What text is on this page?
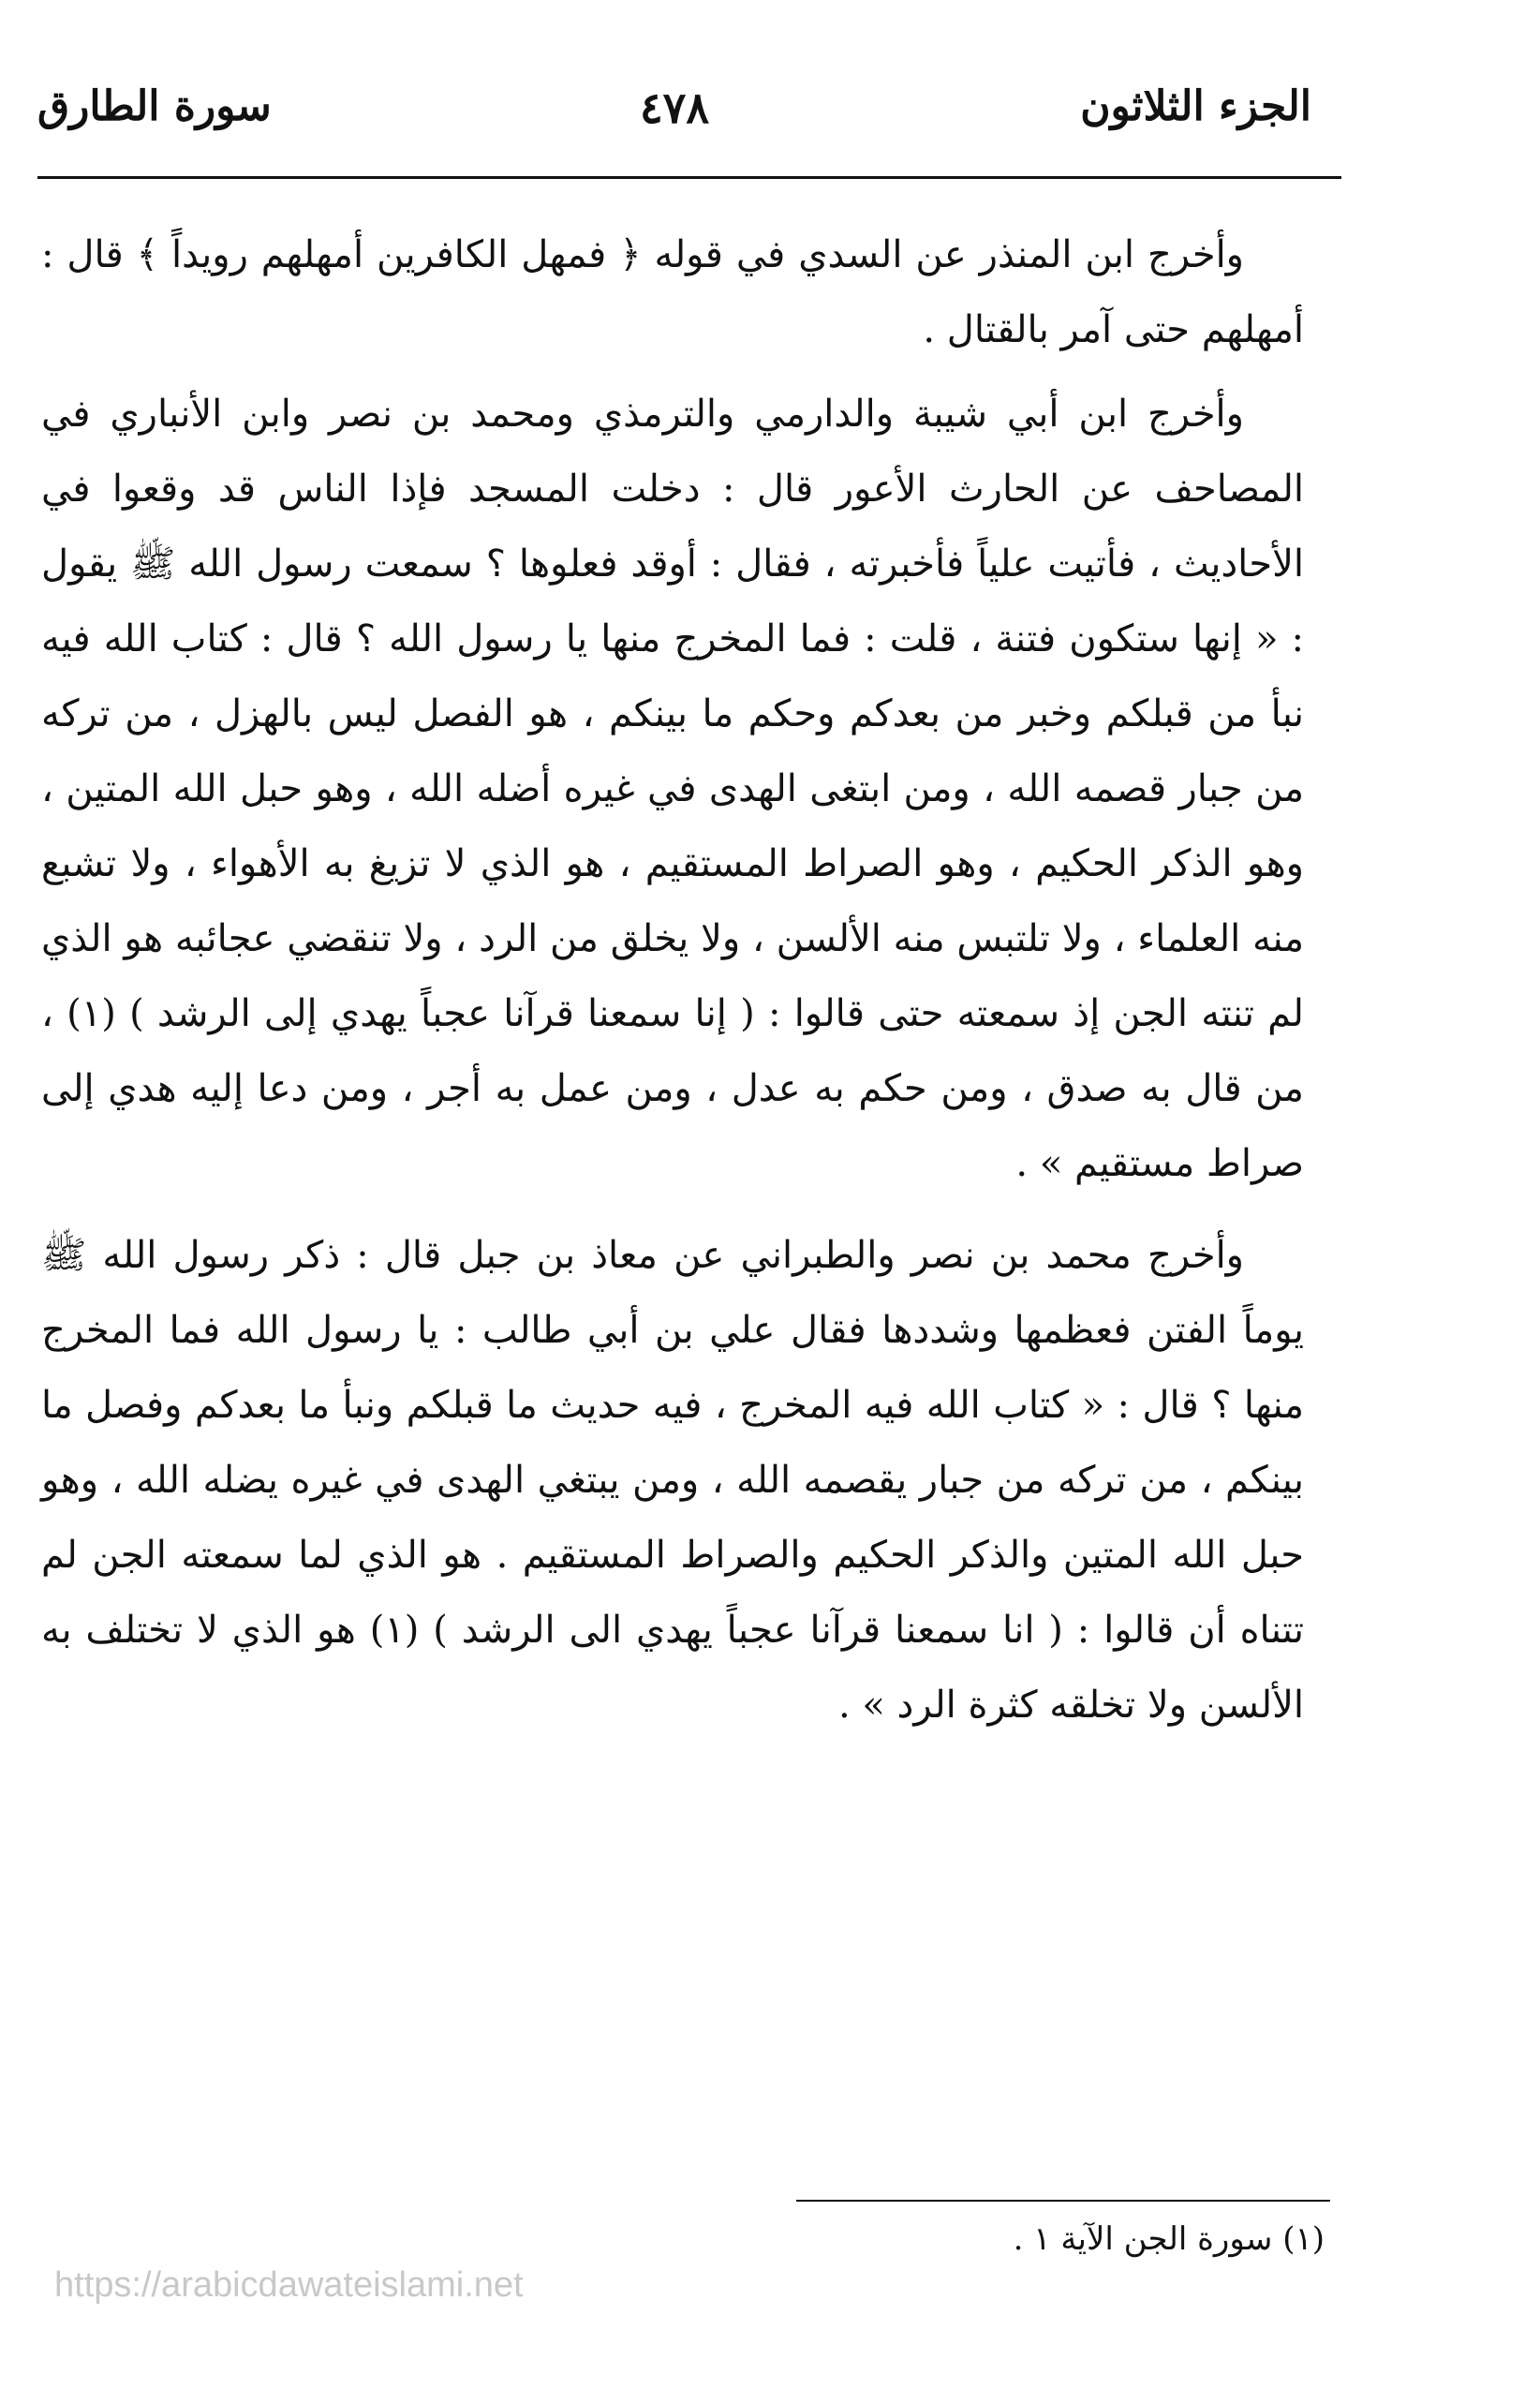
الجزء الثلاثون
٤٧٨
سورة الطارق

وأخرج ابن المنذر عن السدي في قوله ﴿ فمهل الكافرين أمهلهم رويداً ﴾ قال : أمهلهم حتى آمر بالقتال .

وأخرج ابن أبي شيبة والدارمي والترمذي ومحمد بن نصر وابن الأنباري في المصاحف عن الحارث الأعور قال : دخلت المسجد فإذا الناس قد وقعوا في الأحاديث ، فأتيت علياً فأخبرته ، فقال : أوقد فعلوها ؟ سمعت رسول الله ﷺ يقول : « إنها ستكون فتنة ، قلت : فما المخرج منها يا رسول الله ؟ قال : كتاب الله فيه نبأ من قبلكم وخبر من بعدكم وحكم ما بينكم ، هو الفصل ليس بالهزل ، من تركه من جبار قصمه الله ، ومن ابتغى الهدى في غيره أضله الله ، وهو حبل الله المتين ، وهو الذكر الحكيم ، وهو الصراط المستقيم ، هو الذي لا تزيغ به الأهواء ، ولا تشبع منه العلماء ، ولا تلتبس منه الألسن ، ولا يخلق من الرد ، ولا تنقضي عجائبه هو الذي لم تنته الجن إذ سمعته حتى قالوا : ( إنا سمعنا قرآنا عجباً يهدي إلى الرشد ) (١) ، من قال به صدق ، ومن حكم به عدل ، ومن عمل به أجر ، ومن دعا إليه هدي إلى صراط مستقيم » .

وأخرج محمد بن نصر والطبراني عن معاذ بن جبل قال : ذكر رسول الله ﷺ يوماً الفتن فعظمها وشددها فقال علي بن أبي طالب : يا رسول الله فما المخرج منها ؟ قال : « كتاب الله فيه المخرج ، فيه حديث ما قبلكم ونبأ ما بعدكم وفصل ما بينكم ، من تركه من جبار يقصمه الله ، ومن يبتغي الهدى في غيره يضله الله ، وهو حبل الله المتين والذكر الحكيم والصراط المستقيم . هو الذي لما سمعته الجن لم تتناه أن قالوا : ( انا سمعنا قرآنا عجباً يهدي الى الرشد ) (١) هو الذي لا تختلف به الألسن ولا تخلقه كثرة الرد » .

(١) سورة الجن الآية ١ .
https://arabicdawateislami.net
